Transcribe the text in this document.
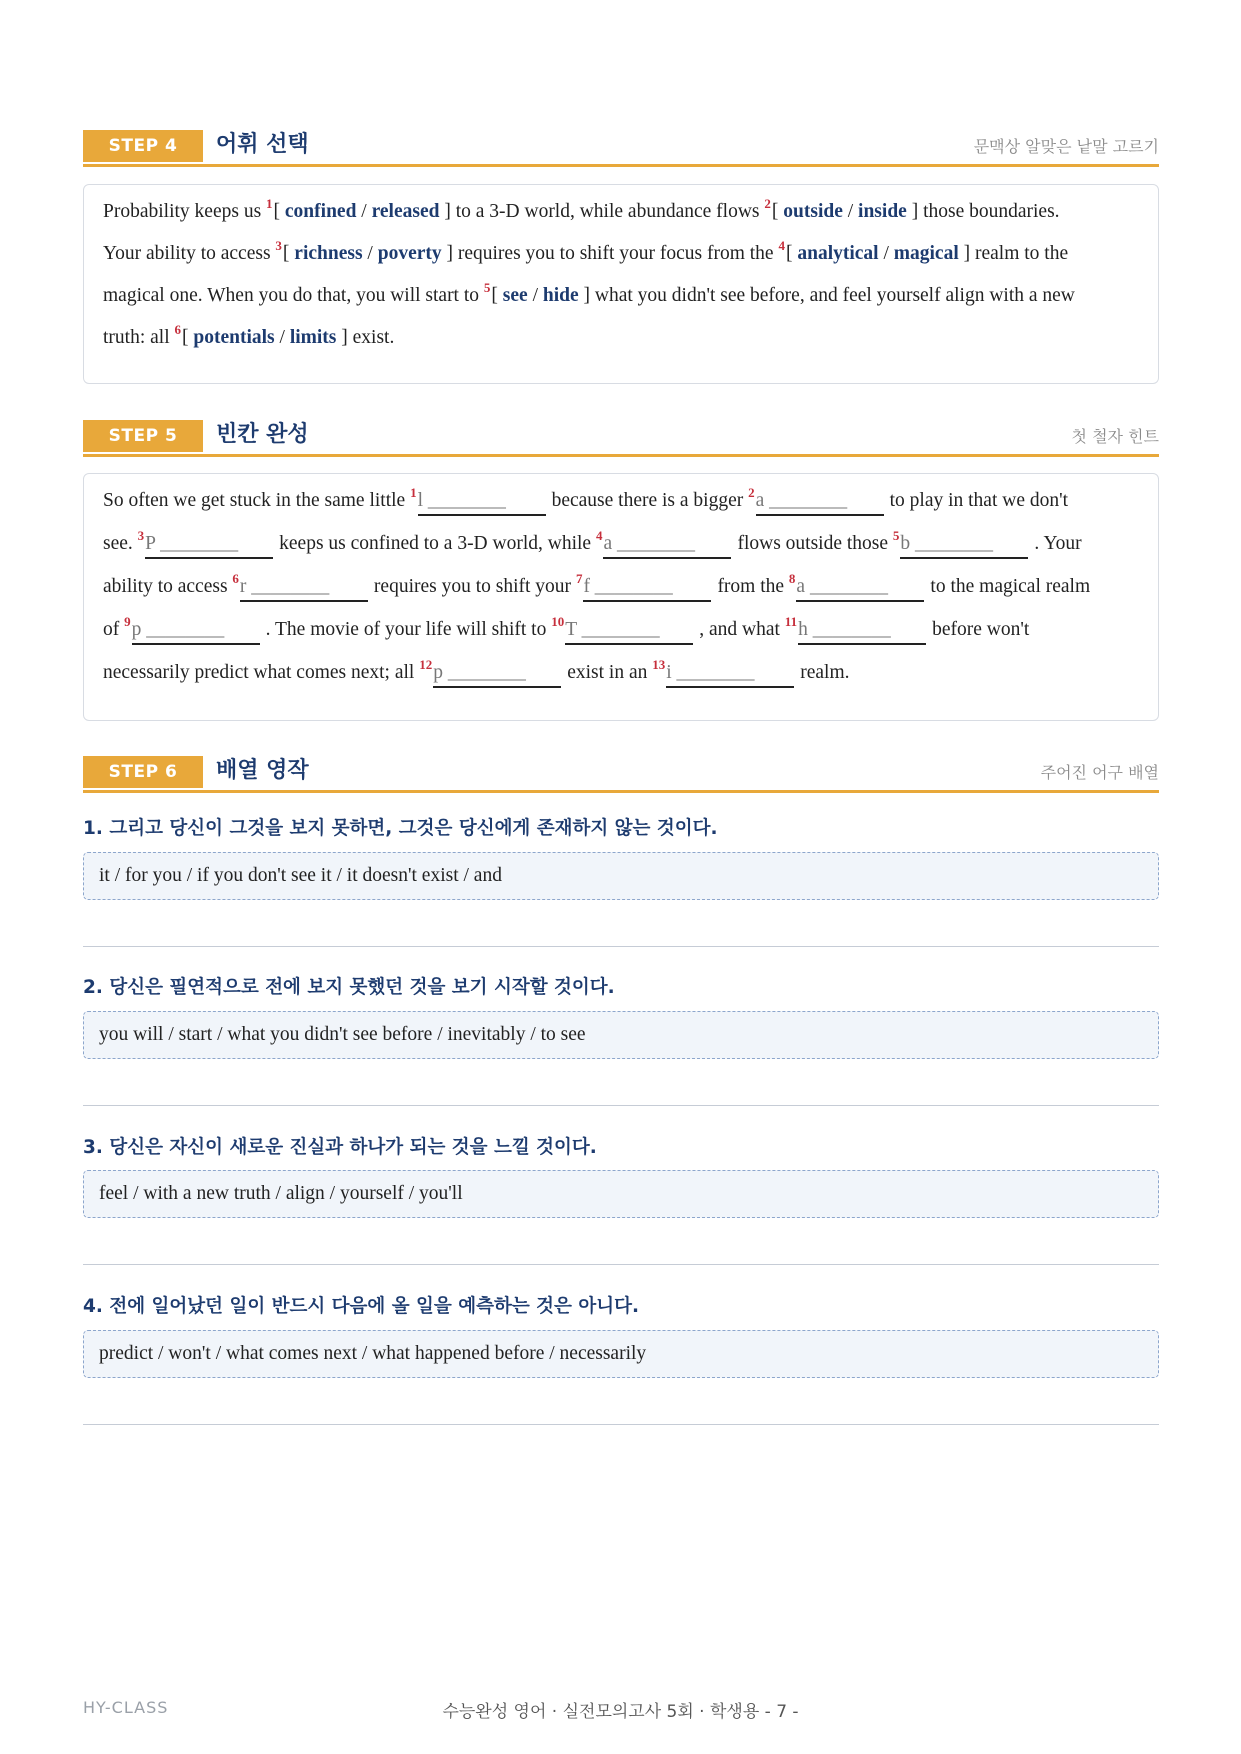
STEP 4	어휘 선택	문맥상 알맞은 낱말 고르기
Probability keeps us $^1$[ confined / released ] to a 3-D world, while abundance flows $^2$[ outside / inside ] those boundaries.
Your ability to access $^3$[ richness / poverty ] requires you to shift your focus from the $^4$[ analytical / magical ] realm to the
magical one. When you do that, you will start to $^5$[ see / hide ] what you didn't see before, and feel yourself align with a new
truth: all $^6$[ potentials / limits ] exist.
STEP 5	빈칸 완성	첫 철자 힌트
So often we get stuck in the same little $^1$l ________ because there is a bigger $^2$a ________ to play in that we don't
see. $^3$P ________ keeps us confined to a 3-D world, while $^4$a ________ flows outside those $^5$b ________ . Your
ability to access $^6$r ________ requires you to shift your $^7$f ________ from the $^8$a ________ to the magical realm
of $^9$p ________ . The movie of your life will shift to $^{10}$T ________ , and what $^{11}$h ________ before won't
necessarily predict what comes next; all $^{12}$p ________ exist in an $^{13}$i ________ realm.
STEP 6	배열 영작	주어진 어구 배열
1. 그리고 당신이 그것을 보지 못하면, 그것은 당신에게 존재하지 않는 것이다.
it / for you / if you don't see it / it doesn't exist / and
2. 당신은 필연적으로 전에 보지 못했던 것을 보기 시작할 것이다.
you will / start / what you didn't see before / inevitably / to see
3. 당신은 자신이 새로운 진실과 하나가 되는 것을 느낄 것이다.
feel / with a new truth / align / yourself / you'll
4. 전에 일어났던 일이 반드시 다음에 올 일을 예측하는 것은 아니다.
predict / won't / what comes next / what happened before / necessarily
HY-CLASS	수능완성 영어 · 실전모의고사 5회 · 학생용 - 7 -
